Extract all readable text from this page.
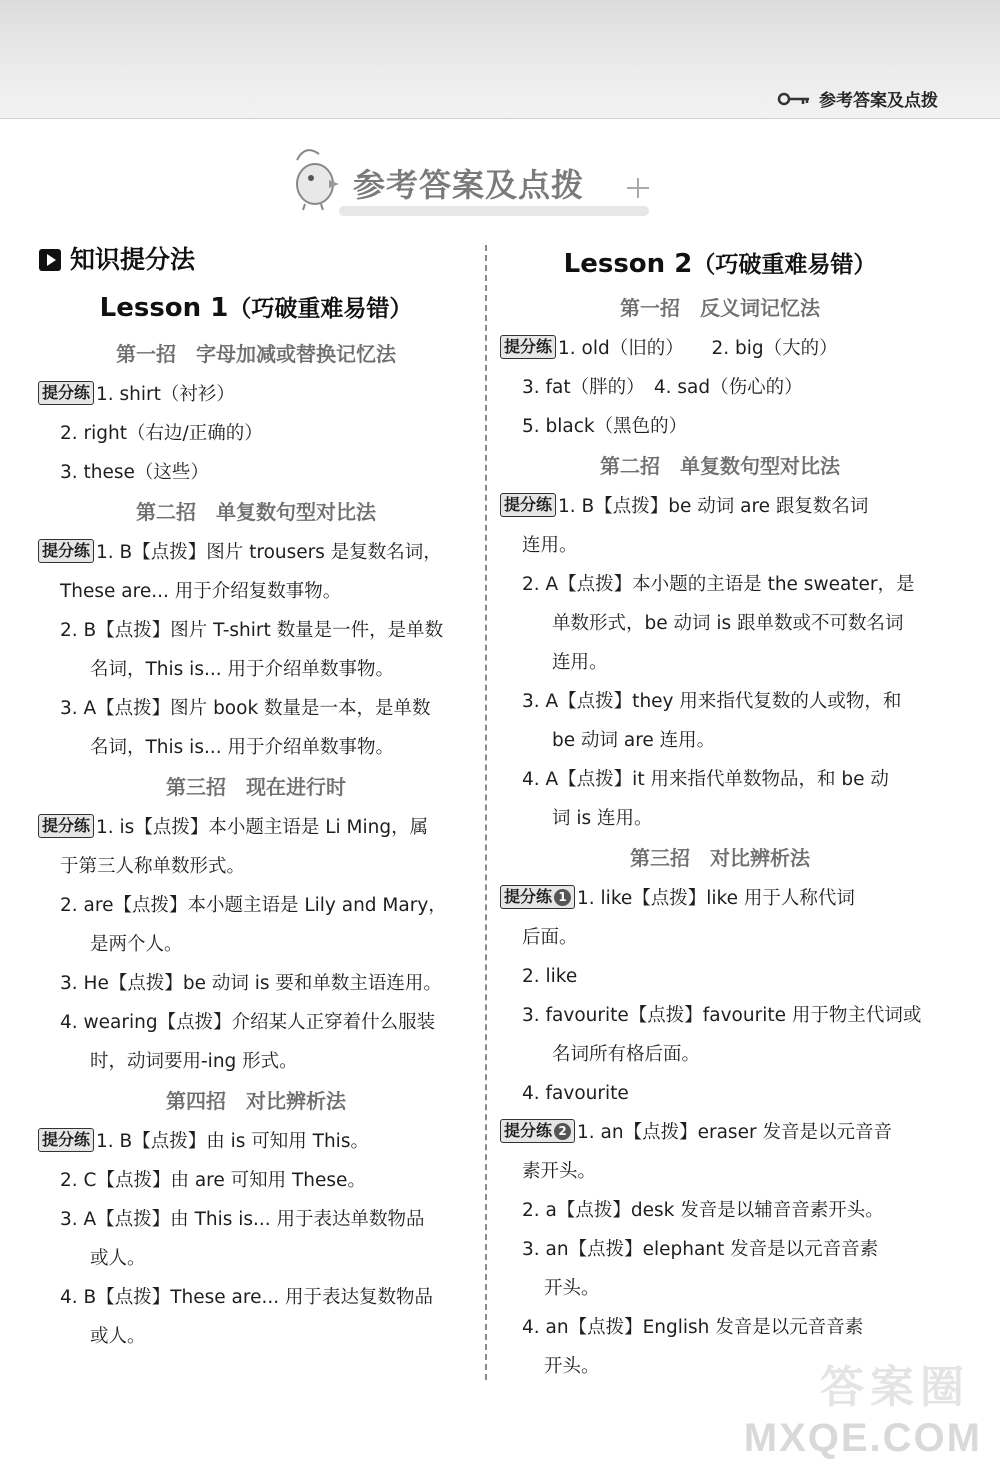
参考答案及点拨
参考答案及点拨
知识提分法
Lesson 1（巧破重难易错）
第一招　字母加减或替换记忆法
提分练 1. shirt（衬衫）
2. right（右边/正确的）
3. these（这些）
第二招　单复数句型对比法
提分练 1. B【点拨】图片 trousers 是复数名词，
These are... 用于介绍复数事物。
2. B【点拨】图片 T-shirt 数量是一件，是单数
名词，This is... 用于介绍单数事物。
3. A【点拨】图片 book 数量是一本，是单数
名词，This is... 用于介绍单数事物。
第三招　现在进行时
提分练 1. is【点拨】本小题主语是 Li Ming，属
于第三人称单数形式。
2. are【点拨】本小题主语是 Lily and Mary，
是两个人。
3. He【点拨】be 动词 is 要和单数主语连用。
4. wearing【点拨】介绍某人正穿着什么服装
时，动词要用-ing 形式。
第四招　对比辨析法
提分练 1. B【点拨】由 is 可知用 This。
2. C【点拨】由 are 可知用 These。
3. A【点拨】由 This is... 用于表达单数物品
或人。
4. B【点拨】These are... 用于表达复数物品
或人。
Lesson 2（巧破重难易错）
第一招　反义词记忆法
提分练 1. old（旧的）　　2. big（大的）
3. fat（胖的）　4. sad（伤心的）
5. black（黑色的）
第二招　单复数句型对比法
提分练 1. B【点拨】be 动词 are 跟复数名词
连用。
2. A【点拨】本小题的主语是 the sweater，是
单数形式，be 动词 is 跟单数或不可数名词
连用。
3. A【点拨】they 用来指代复数的人或物，和
be 动词 are 连用。
4. A【点拨】it 用来指代单数物品，和 be 动
词 is 连用。
第三招　对比辨析法
提分练 1 1. like【点拨】like 用于人称代词
后面。
2. like
3. favourite【点拨】favourite 用于物主代词或
名词所有格后面。
4. favourite
提分练 2 1. an【点拨】eraser 发音是以元音音
素开头。
2. a【点拨】desk 发音是以辅音音素开头。
3. an【点拨】elephant 发音是以元音音素
开头。
4. an【点拨】English 发音是以元音音素
开头。	答案圈
MXQE.COM
